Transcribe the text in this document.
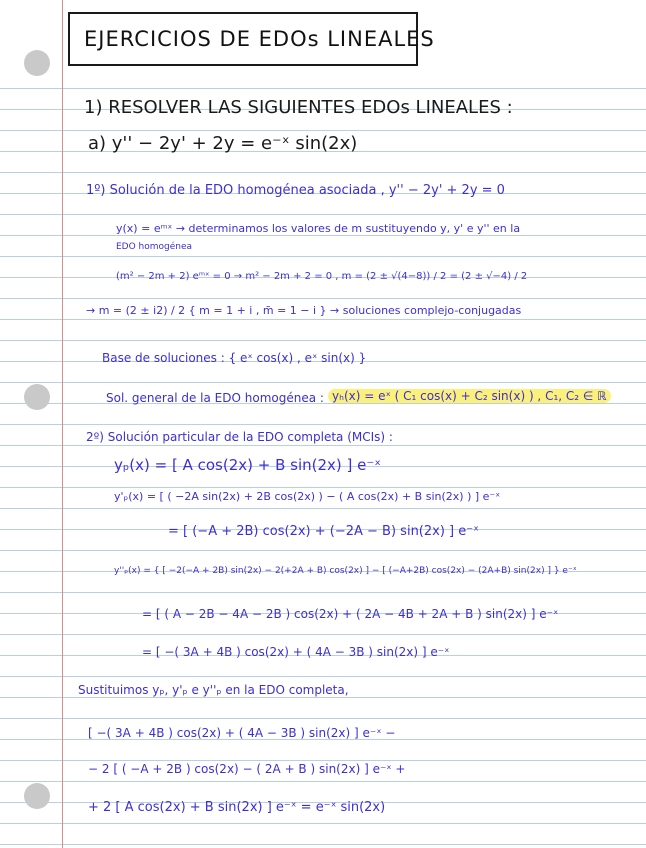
EJERCICIOS DE EDOs LINEALES
1) RESOLVER LAS SIGUIENTES EDOs LINEALES :
a) y'' − 2y' + 2y = e⁻ˣ sin(2x)
1º) Solución de la EDO homogénea asociada , y'' − 2y' + 2y = 0
y(x) = eᵐˣ → determinamos los valores de m sustituyendo y, y' e y'' en la
EDO homogénea
(m² − 2m + 2) eᵐˣ = 0 → m² − 2m + 2 = 0 , m = (2 ± √(4−8)) / 2 = (2 ± √−4) / 2
→ m = (2 ± i2) / 2 { m = 1 + i , m̄ = 1 − i } → soluciones complejo-conjugadas
Base de soluciones : { eˣ cos(x) , eˣ sin(x) }
Sol. general de la EDO homogénea : yₕ(x) = eˣ ( C₁ cos(x) + C₂ sin(x) ) , C₁, C₂ ∈ ℝ
2º) Solución particular de la EDO completa (MCIs) :
yₚ(x) = [ A cos(2x) + B sin(2x) ] e⁻ˣ
y'ₚ(x) = [ ( −2A sin(2x) + 2B cos(2x) ) − ( A cos(2x) + B sin(2x) ) ] e⁻ˣ
= [ (−A + 2B) cos(2x) + (−2A − B) sin(2x) ] e⁻ˣ
y''ₚ(x) = { [ −2(−A + 2B) sin(2x) − 2(+2A + B) cos(2x) ] − [ (−A+2B) cos(2x) − (2A+B) sin(2x) ] } e⁻ˣ
= [ ( A − 2B − 4A − 2B ) cos(2x) + ( 2A − 4B + 2A + B ) sin(2x) ] e⁻ˣ
= [ −( 3A + 4B ) cos(2x) + ( 4A − 3B ) sin(2x) ] e⁻ˣ
Sustituimos yₚ, y'ₚ e y''ₚ en la EDO completa,
[ −( 3A + 4B ) cos(2x) + ( 4A − 3B ) sin(2x) ] e⁻ˣ −
− 2 [ ( −A + 2B ) cos(2x) − ( 2A + B ) sin(2x) ] e⁻ˣ +
+ 2 [ A cos(2x) + B sin(2x) ] e⁻ˣ = e⁻ˣ sin(2x)
